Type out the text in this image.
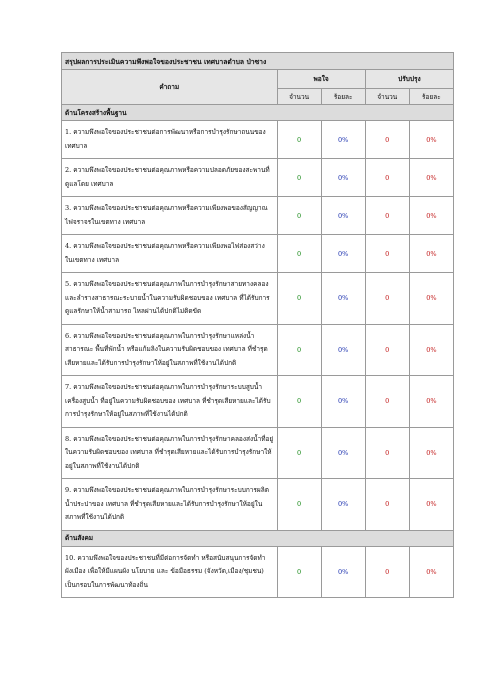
สรุปผลการประเมินความพึงพอใจของประชาชน เทศบาลตำบล ป่าซาง				
คำถาม	พอใจ		ปรับปรุง	
	จำนวน	ร้อยละ	จำนวน	ร้อยละ
ด้านโครงสร้างพื้นฐาน				
1. ความพึงพอใจของประชาชนต่อการพัฒนาหรือการบำรุงรักษาถนนของ เทศบาล	0	0%	0	0%
2. ความพึงพอใจของประชาชนต่อคุณภาพหรือความปลอดภัยของสะพานที่ดูแลโดย เทศบาล	0	0%	0	0%
3. ความพึงพอใจของประชาชนต่อคุณภาพหรือความเพียงพอของสัญญาณไฟจราจรในเขตทาง เทศบาล	0	0%	0	0%
4. ความพึงพอใจของประชาชนต่อคุณภาพหรือความเพียงพอไฟส่องสว่าง ในเขตทาง เทศบาล	0	0%	0	0%
5. ความพึงพอใจของประชาชนต่อคุณภาพในการบำรุงรักษาสายทางคลองและลำรางสาธารณะระบายน้ำในความรับผิดชอบของ เทศบาล ที่ได้รับการดูแลรักษาให้น้ำสามารถ ไหลผ่านได้ปกติไม่ติดขัด	0	0%	0	0%
6. ความพึงพอใจของประชาชนต่อคุณภาพในการบำรุงรักษาแหล่งน้ำสาธารณะ พื้นที่พักน้ำ หรือแก้มลิงในความรับผิดชอบของ เทศบาล ที่ชำรุดเสียหายและได้รับการบำรุงรักษาให้อยู่ในสภาพที่ใช้งานได้ปกติ	0	0%	0	0%
7. ความพึงพอใจของประชาชนต่อคุณภาพในการบำรุงรักษาระบบสูบน้ำ เครื่องสูบน้ำ ที่อยู่ในความรับผิดชอบของ เทศบาล ที่ชำรุดเสียหายและได้รับการบำรุงรักษาให้อยู่ในสภาพที่ใช้งานได้ปกติ	0	0%	0	0%
8. ความพึงพอใจของประชาชนต่อคุณภาพในการบำรุงรักษาคลองส่งน้ำที่อยู่ในความรับผิดชอบของ เทศบาล ที่ชำรุดเสียหายและได้รับการบำรุงรักษาให้อยู่ในสภาพที่ใช้งานได้ปกติ	0	0%	0	0%
9. ความพึงพอใจของประชาชนต่อคุณภาพในการบำรุงรักษาระบบการผลิตน้ำประปาของ เทศบาล ที่ชำรุดเสียหายและได้รับการบำรุงรักษาให้อยู่ในสภาพที่ใช้งานได้ปกติ	0	0%	0	0%
ด้านสังคม				
10. ความพึงพอใจของประชาชนที่มีต่อการจัดทำ หรือสนับสนุนการจัดทำผังเมือง เพื่อให้มีแผนผัง นโยบาย และ ข้อมือธรรม (จังหวัด,เมือง/ชุมชน) เป็นกรอบในการพัฒนาท้องถิ่น	0	0%	0	0%
